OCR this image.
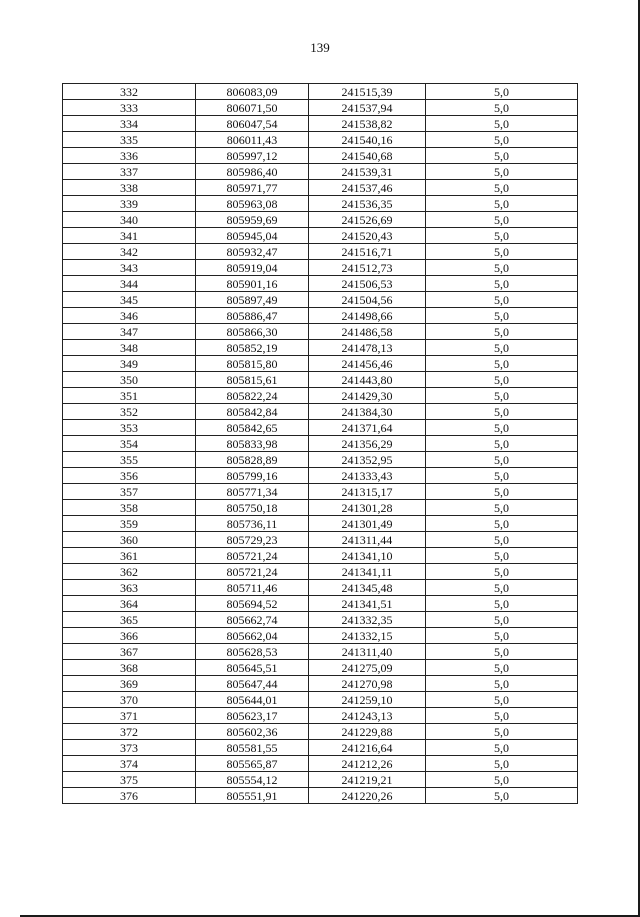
139
332	806083,09	241515,39	5,0
333	806071,50	241537,94	5,0
334	806047,54	241538,82	5,0
335	806011,43	241540,16	5,0
336	805997,12	241540,68	5,0
337	805986,40	241539,31	5,0
338	805971,77	241537,46	5,0
339	805963,08	241536,35	5,0
340	805959,69	241526,69	5,0
341	805945,04	241520,43	5,0
342	805932,47	241516,71	5,0
343	805919,04	241512,73	5,0
344	805901,16	241506,53	5,0
345	805897,49	241504,56	5,0
346	805886,47	241498,66	5,0
347	805866,30	241486,58	5,0
348	805852,19	241478,13	5,0
349	805815,80	241456,46	5,0
350	805815,61	241443,80	5,0
351	805822,24	241429,30	5,0
352	805842,84	241384,30	5,0
353	805842,65	241371,64	5,0
354	805833,98	241356,29	5,0
355	805828,89	241352,95	5,0
356	805799,16	241333,43	5,0
357	805771,34	241315,17	5,0
358	805750,18	241301,28	5,0
359	805736,11	241301,49	5,0
360	805729,23	241311,44	5,0
361	805721,24	241341,10	5,0
362	805721,24	241341,11	5,0
363	805711,46	241345,48	5,0
364	805694,52	241341,51	5,0
365	805662,74	241332,35	5,0
366	805662,04	241332,15	5,0
367	805628,53	241311,40	5,0
368	805645,51	241275,09	5,0
369	805647,44	241270,98	5,0
370	805644,01	241259,10	5,0
371	805623,17	241243,13	5,0
372	805602,36	241229,88	5,0
373	805581,55	241216,64	5,0
374	805565,87	241212,26	5,0
375	805554,12	241219,21	5,0
376	805551,91	241220,26	5,0
